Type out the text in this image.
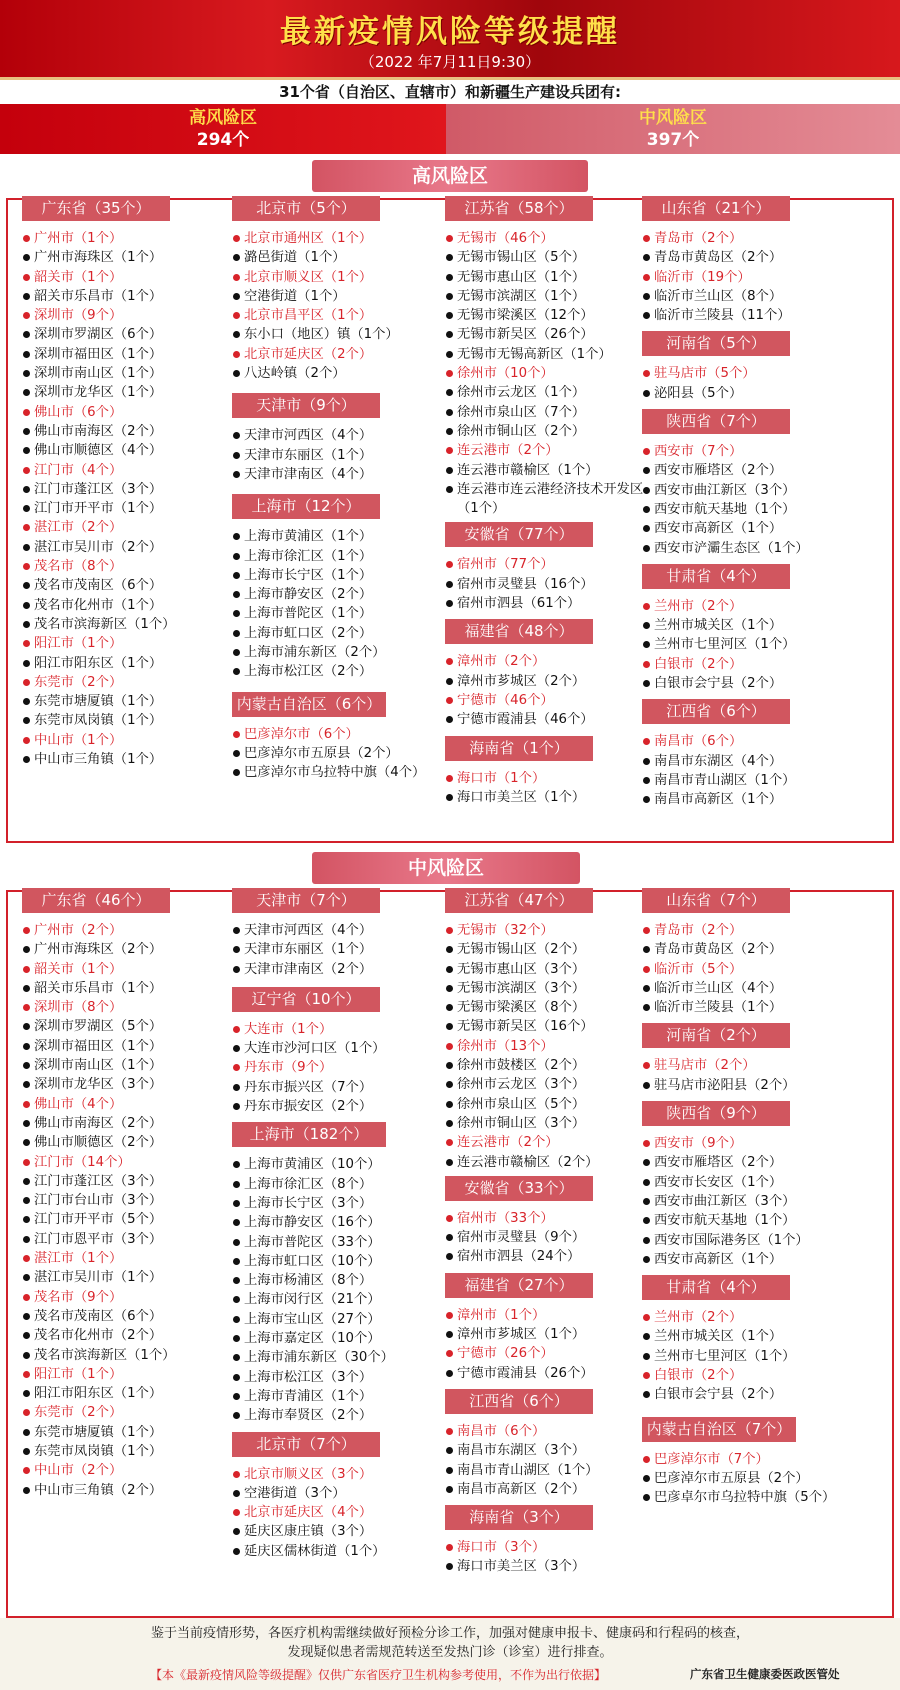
最新疫情风险等级提醒
（2022 年7月11日9:30）
31个省（自治区、直辖市）和新疆生产建设兵团有:
高风险区
294个
中风险区
397个
高风险区
广东省（35个）
广州市（1个）
广州市海珠区（1个）
韶关市（1个）
韶关市乐昌市（1个）
深圳市（9个）
深圳市罗湖区（6个）
深圳市福田区（1个）
深圳市南山区（1个）
深圳市龙华区（1个）
佛山市（6个）
佛山市南海区（2个）
佛山市顺德区（4个）
江门市（4个）
江门市蓬江区（3个）
江门市开平市（1个）
湛江市（2个）
湛江市吴川市（2个）
茂名市（8个）
茂名市茂南区（6个）
茂名市化州市（1个）
茂名市滨海新区（1个）
阳江市（1个）
阳江市阳东区（1个）
东莞市（2个）
东莞市塘厦镇（1个）
东莞市凤岗镇（1个）
中山市（1个）
中山市三角镇（1个）
北京市（5个）
北京市通州区（1个）
潞邑街道（1个）
北京市顺义区（1个）
空港街道（1个）
北京市昌平区（1个）
东小口（地区）镇（1个）
北京市延庆区（2个）
八达岭镇（2个）
天津市（9个）
天津市河西区（4个）
天津市东丽区（1个）
天津市津南区（4个）
上海市（12个）
上海市黄浦区（1个）
上海市徐汇区（1个）
上海市长宁区（1个）
上海市静安区（2个）
上海市普陀区（1个）
上海市虹口区（2个）
上海市浦东新区（2个）
上海市松江区（2个）
内蒙古自治区（6个）
巴彦淖尔市（6个）
巴彦淖尔市五原县（2个）
巴彦淖尔市乌拉特中旗（4个）
江苏省（58个）
无锡市（46个）
无锡市锡山区（5个）
无锡市惠山区（1个）
无锡市滨湖区（1个）
无锡市梁溪区（12个）
无锡市新吴区（26个）
无锡市无锡高新区（1个）
徐州市（10个）
徐州市云龙区（1个）
徐州市泉山区（7个）
徐州市铜山区（2个）
连云港市（2个）
连云港市赣榆区（1个）
连云港市连云港经济技术开发区（1个）
安徽省（77个）
宿州市（77个）
宿州市灵璧县（16个）
宿州市泗县（61个）
福建省（48个）
漳州市（2个）
漳州市芗城区（2个）
宁德市（46个）
宁德市霞浦县（46个）
海南省（1个）
海口市（1个）
海口市美兰区（1个）
山东省（21个）
青岛市（2个）
青岛市黄岛区（2个）
临沂市（19个）
临沂市兰山区（8个）
临沂市兰陵县（11个）
河南省（5个）
驻马店市（5个）
泌阳县（5个）
陕西省（7个）
西安市（7个）
西安市雁塔区（2个）
西安市曲江新区（3个）
西安市航天基地（1个）
西安市高新区（1个）
西安市浐灞生态区（1个）
甘肃省（4个）
兰州市（2个）
兰州市城关区（1个）
兰州市七里河区（1个）
白银市（2个）
白银市会宁县（2个）
江西省（6个）
南昌市（6个）
南昌市东湖区（4个）
南昌市青山湖区（1个）
南昌市高新区（1个）
中风险区
广东省（46个）
广州市（2个）
广州市海珠区（2个）
韶关市（1个）
韶关市乐昌市（1个）
深圳市（8个）
深圳市罗湖区（5个）
深圳市福田区（1个）
深圳市南山区（1个）
深圳市龙华区（3个）
佛山市（4个）
佛山市南海区（2个）
佛山市顺德区（2个）
江门市（14个）
江门市蓬江区（3个）
江门市台山市（3个）
江门市开平市（5个）
江门市恩平市（3个）
湛江市（1个）
湛江市吴川市（1个）
茂名市（9个）
茂名市茂南区（6个）
茂名市化州市（2个）
茂名市滨海新区（1个）
阳江市（1个）
阳江市阳东区（1个）
东莞市（2个）
东莞市塘厦镇（1个）
东莞市凤岗镇（1个）
中山市（2个）
中山市三角镇（2个）
天津市（7个）
天津市河西区（4个）
天津市东丽区（1个）
天津市津南区（2个）
辽宁省（10个）
大连市（1个）
大连市沙河口区（1个）
丹东市（9个）
丹东市振兴区（7个）
丹东市振安区（2个）
上海市（182个）
上海市黄浦区（10个）
上海市徐汇区（8个）
上海市长宁区（3个）
上海市静安区（16个）
上海市普陀区（33个）
上海市虹口区（10个）
上海市杨浦区（8个）
上海市闵行区（21个）
上海市宝山区（27个）
上海市嘉定区（10个）
上海市浦东新区（30个）
上海市松江区（3个）
上海市青浦区（1个）
上海市奉贤区（2个）
北京市（7个）
北京市顺义区（3个）
空港街道（3个）
北京市延庆区（4个）
延庆区康庄镇（3个）
延庆区儒林街道（1个）
江苏省（47个）
无锡市（32个）
无锡市锡山区（2个）
无锡市惠山区（3个）
无锡市滨湖区（3个）
无锡市梁溪区（8个）
无锡市新吴区（16个）
徐州市（13个）
徐州市鼓楼区（2个）
徐州市云龙区（3个）
徐州市泉山区（5个）
徐州市铜山区（3个）
连云港市（2个）
连云港市赣榆区（2个）
安徽省（33个）
宿州市（33个）
宿州市灵璧县（9个）
宿州市泗县（24个）
福建省（27个）
漳州市（1个）
漳州市芗城区（1个）
宁德市（26个）
宁德市霞浦县（26个）
江西省（6个）
南昌市（6个）
南昌市东湖区（3个）
南昌市青山湖区（1个）
南昌市高新区（2个）
海南省（3个）
海口市（3个）
海口市美兰区（3个）
山东省（7个）
青岛市（2个）
青岛市黄岛区（2个）
临沂市（5个）
临沂市兰山区（4个）
临沂市兰陵县（1个）
河南省（2个）
驻马店市（2个）
驻马店市泌阳县（2个）
陕西省（9个）
西安市（9个）
西安市雁塔区（2个）
西安市长安区（1个）
西安市曲江新区（3个）
西安市航天基地（1个）
西安市国际港务区（1个）
西安市高新区（1个）
甘肃省（4个）
兰州市（2个）
兰州市城关区（1个）
兰州市七里河区（1个）
白银市（2个）
白银市会宁县（2个）
内蒙古自治区（7个）
巴彦淖尔市（7个）
巴彦淖尔市五原县（2个）
巴彦卓尔市乌拉特中旗（5个）
鉴于当前疫情形势，各医疗机构需继续做好预检分诊工作，加强对健康申报卡、健康码和行程码的核查，
发现疑似患者需规范转送至发热门诊（诊室）进行排查。
【本《最新疫情风险等级提醒》仅供广东省医疗卫生机构参考使用，不作为出行依据】	广东省卫生健康委医政医管处
